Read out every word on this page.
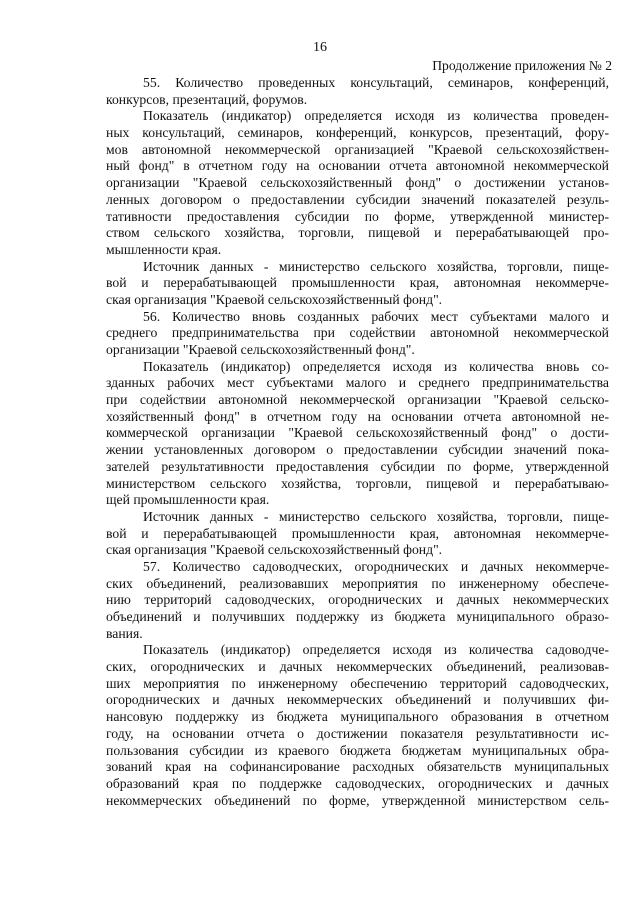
16
Продолжение приложения № 2
55. Количество проведенных консультаций, семинаров, конференций,
конкурсов, презентаций, форумов.
Показатель (индикатор) определяется исходя из количества проведен-
ных консультаций, семинаров, конференций, конкурсов, презентаций, фору-
мов автономной некоммерческой организацией "Краевой сельскохозяйствен-
ный фонд" в отчетном году на основании отчета автономной некоммерческой
организации "Краевой сельскохозяйственный фонд" о достижении установ-
ленных договором о предоставлении субсидии значений показателей резуль-
тативности предоставления субсидии по форме, утвержденной министер-
ством сельского хозяйства, торговли, пищевой и перерабатывающей про-
мышленности края.
Источник данных - министерство сельского хозяйства, торговли, пище-
вой и перерабатывающей промышленности края, автономная некоммерче-
ская организация "Краевой сельскохозяйственный фонд".
56. Количество вновь созданных рабочих мест субъектами малого и
среднего предпринимательства при содействии автономной некоммерческой
организации "Краевой сельскохозяйственный фонд".
Показатель (индикатор) определяется исходя из количества вновь со-
зданных рабочих мест субъектами малого и среднего предпринимательства
при содействии автономной некоммерческой организации "Краевой сельско-
хозяйственный фонд" в отчетном году на основании отчета автономной не-
коммерческой организации "Краевой сельскохозяйственный фонд" о дости-
жении установленных договором о предоставлении субсидии значений пока-
зателей результативности предоставления субсидии по форме, утвержденной
министерством сельского хозяйства, торговли, пищевой и перерабатываю-
щей промышленности края.
Источник данных - министерство сельского хозяйства, торговли, пище-
вой и перерабатывающей промышленности края, автономная некоммерче-
ская организация "Краевой сельскохозяйственный фонд".
57. Количество садоводческих, огороднических и дачных некоммерче-
ских объединений, реализовавших мероприятия по инженерному обеспече-
нию территорий садоводческих, огороднических и дачных некоммерческих
объединений и получивших поддержку из бюджета муниципального образо-
вания.
Показатель (индикатор) определяется исходя из количества садоводче-
ских, огороднических и дачных некоммерческих объединений, реализовав-
ших мероприятия по инженерному обеспечению территорий садоводческих,
огороднических и дачных некоммерческих объединений и получивших фи-
нансовую поддержку из бюджета муниципального образования в отчетном
году, на основании отчета о достижении показателя результативности ис-
пользования субсидии из краевого бюджета бюджетам муниципальных обра-
зований края на софинансирование расходных обязательств муниципальных
образований края по поддержке садоводческих, огороднических и дачных
некоммерческих объединений по форме, утвержденной министерством сель-
